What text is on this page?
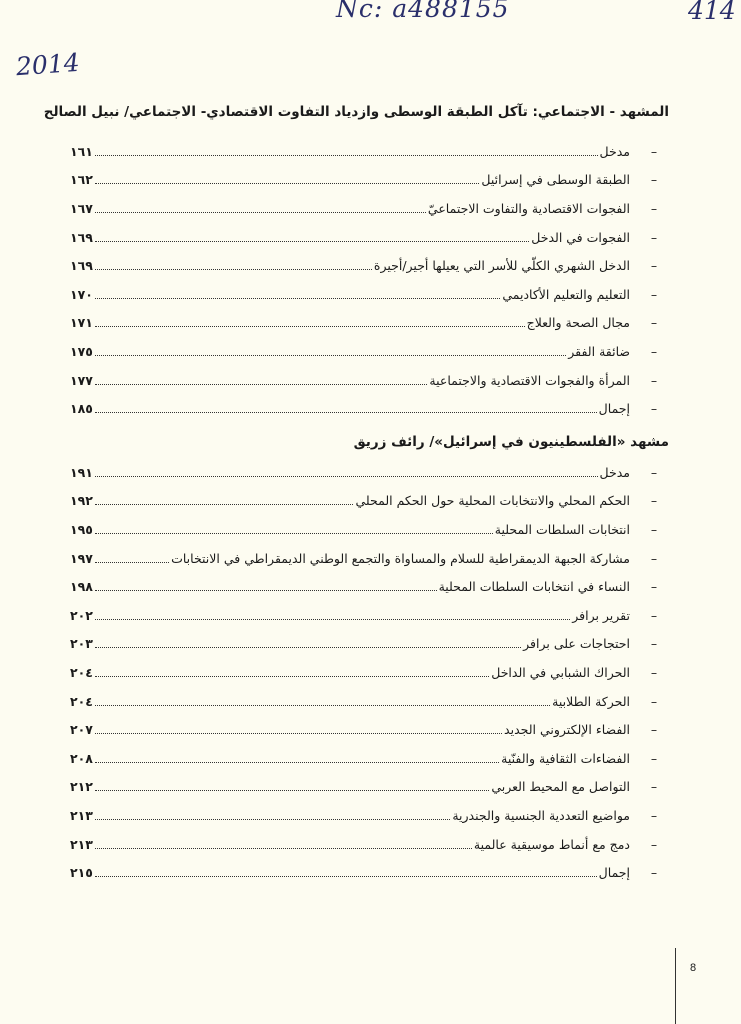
Nc: a488155	414
2014
المشهد - الاجتماعي: تآكل الطبقة الوسطى وازدياد التفاوت الاقتصادي- الاجتماعي/ نبيل الصالح
–
مدخل
١٦١
–
الطبقة الوسطى في إسرائيل
١٦٢
–
الفجوات الاقتصادية والتفاوت الاجتماعيّ
١٦٧
–
الفجوات في الدخل
١٦٩
–
الدخل الشهري الكلّي للأسر التي يعيلها أجير/أجيرة
١٦٩
–
التعليم والتعليم الأكاديمي
١٧٠
–
مجال الصحة والعلاج
١٧١
–
ضائقة الفقر
١٧٥
–
المرأة والفجوات الاقتصادية والاجتماعية
١٧٧
–
إجمال
١٨٥
مشهد «الفلسطينيون في إسرائيل»/ رائف زريق
–
مدخل
١٩١
–
الحكم المحلي والانتخابات المحلية حول الحكم المحلي
١٩٢
–
انتخابات السلطات المحلية
١٩٥
–
مشاركة الجبهة الديمقراطية للسلام والمساواة والتجمع الوطني الديمقراطي في الانتخابات
١٩٧
–
النساء في انتخابات السلطات المحلية
١٩٨
–
تقرير برافر
٢٠٢
–
احتجاجات على برافر
٢٠٣
–
الحراك الشبابي في الداخل
٢٠٤
–
الحركة الطلابية
٢٠٤
–
الفضاء الإلكتروني الجديد
٢٠٧
–
الفضاءات الثقافية والفنّية
٢٠٨
–
التواصل مع المحيط العربي
٢١٢
–
مواضيع التعددية الجنسية والجندرية
٢١٣
–
دمج مع أنماط موسيقية عالمية
٢١٣
–
إجمال
٢١٥
8
